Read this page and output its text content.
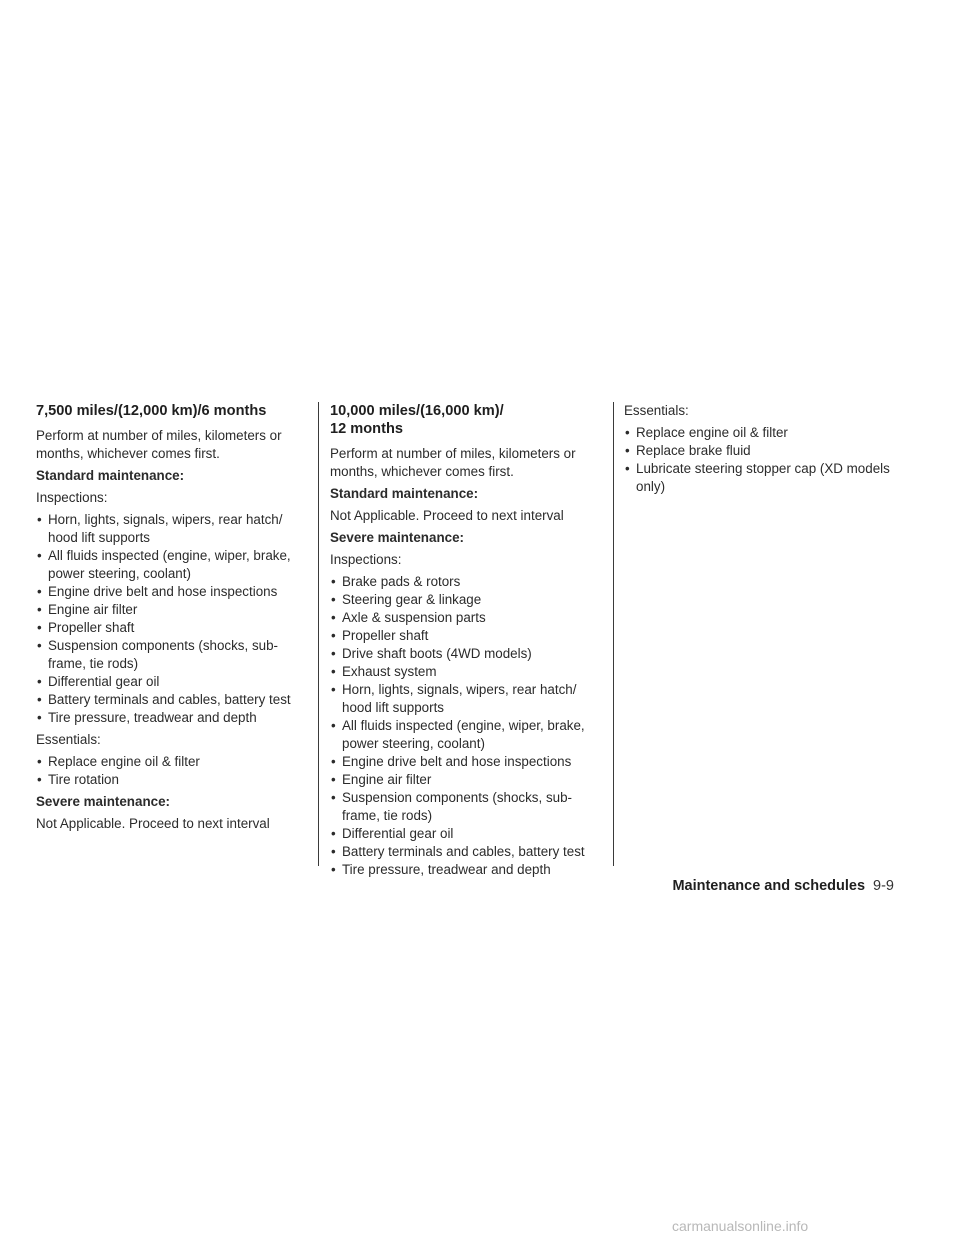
7,500 miles/(12,000 km)/6 months

Perform at number of miles, kilometers or months, whichever comes first.

Standard maintenance:

Inspections:

• Horn, lights, signals, wipers, rear hatch/ hood lift supports
• All fluids inspected (engine, wiper, brake, power steering, coolant)
• Engine drive belt and hose inspections
• Engine air filter
• Propeller shaft
• Suspension components (shocks, sub-frame, tie rods)
• Differential gear oil
• Battery terminals and cables, battery test
• Tire pressure, treadwear and depth

Essentials:

• Replace engine oil & filter
• Tire rotation

Severe maintenance:

Not Applicable. Proceed to next interval

10,000 miles/(16,000 km)/
12 months

Perform at number of miles, kilometers or months, whichever comes first.

Standard maintenance:

Not Applicable. Proceed to next interval

Severe maintenance:

Inspections:

• Brake pads & rotors
• Steering gear & linkage
• Axle & suspension parts
• Propeller shaft
• Drive shaft boots (4WD models)
• Exhaust system
• Horn, lights, signals, wipers, rear hatch/ hood lift supports
• All fluids inspected (engine, wiper, brake, power steering, coolant)
• Engine drive belt and hose inspections
• Engine air filter
• Suspension components (shocks, sub-frame, tie rods)
• Differential gear oil
• Battery terminals and cables, battery test
• Tire pressure, treadwear and depth

Essentials:

• Replace engine oil & filter
• Replace brake fluid
• Lubricate steering stopper cap (XD models only)
Maintenance and schedules 9-9
carmanualsonline.info
